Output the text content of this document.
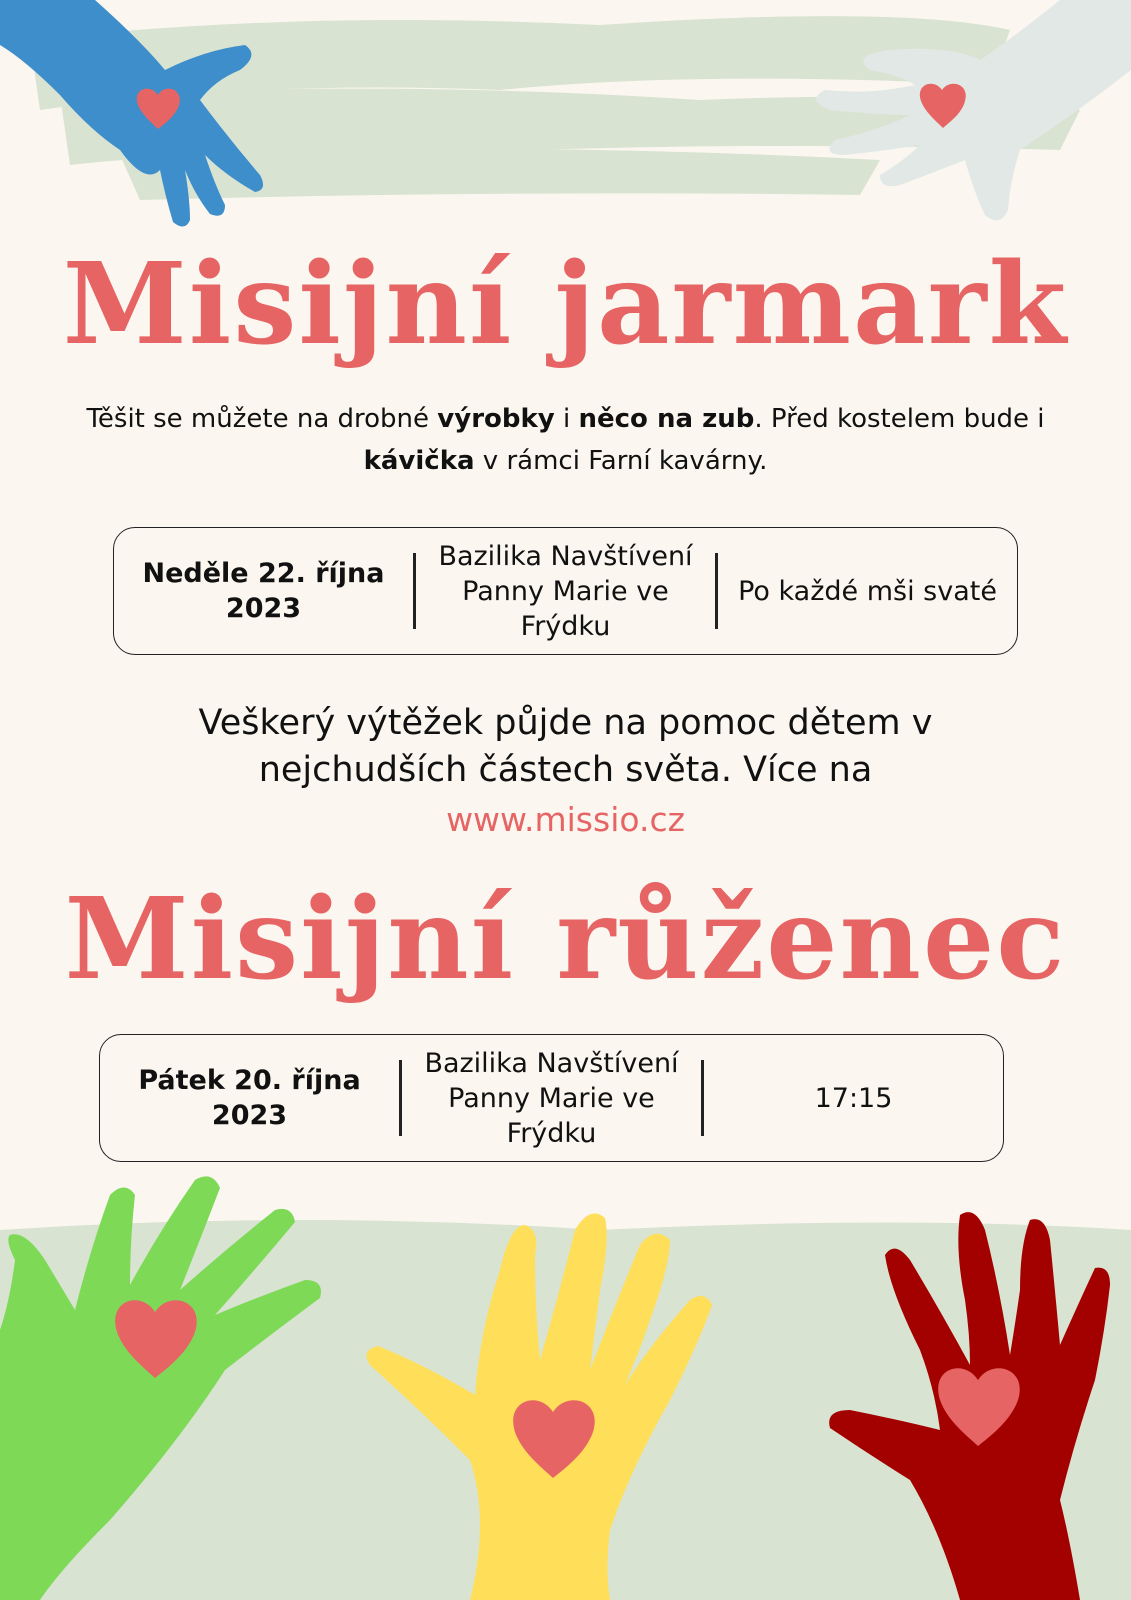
Misijní jarmark
Těšit se můžete na drobné výrobky i něco na zub. Před kostelem bude i kávička v rámci Farní kavárny.
Neděle 22. října 2023
Bazilika Navštívení Panny Marie ve Frýdku
Po každé mši svaté
Veškerý výtěžek půjde na pomoc dětem v nejchudších částech světa. Více na
www.missio.cz
Misijní růženec
Pátek 20. října 2023
Bazilika Navštívení Panny Marie ve Frýdku
17:15
